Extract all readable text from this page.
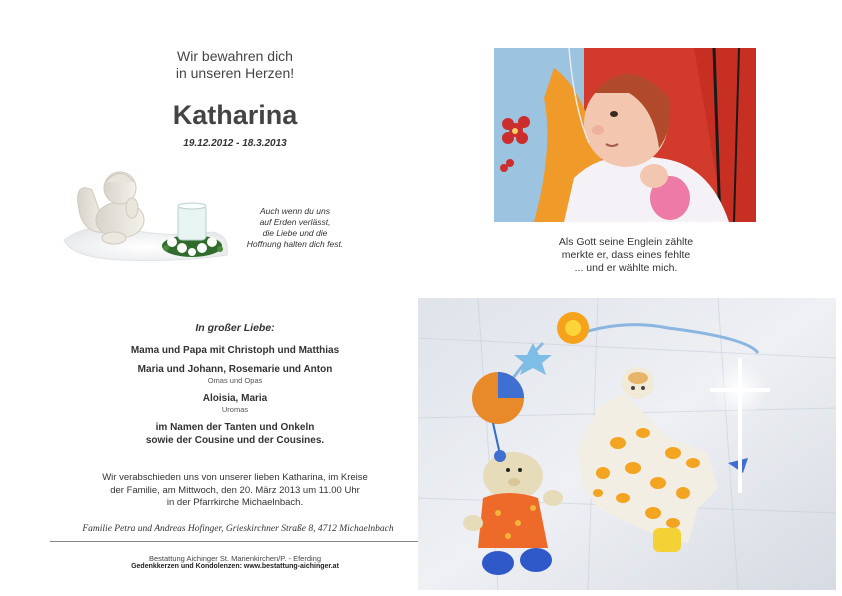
Wir bewahren dich
in unseren Herzen!
Katharina
19.12.2012 - 18.3.2013
Auch wenn du uns
auf Erden verlässt,
die Liebe und die
Hoffnung halten dich fest.	Als Gott seine Englein zählte
merkte er, dass eines fehlte
... und er wählte mich.
In großer Liebe:
Mama und Papa mit Christoph und Matthias
Maria und Johann, Rosemarie und Anton
Omas und Opas
Aloisia, Maria
Uromas
im Namen der Tanten und Onkeln
sowie der Cousine und der Cousines.
Wir verabschieden uns von unserer lieben Katharina, im Kreise
der Familie, am Mittwoch, den 20. März 2013 um 11.00 Uhr
in der Pfarrkirche Michaelnbach.
Familie Petra und Andreas Hofinger, Grieskirchner Straße 8, 4712 Michaelnbach
Bestattung Aichinger St. Marienkirchen/P. - Eferding
Gedenkkerzen und Kondolenzen: www.bestattung-aichinger.at
